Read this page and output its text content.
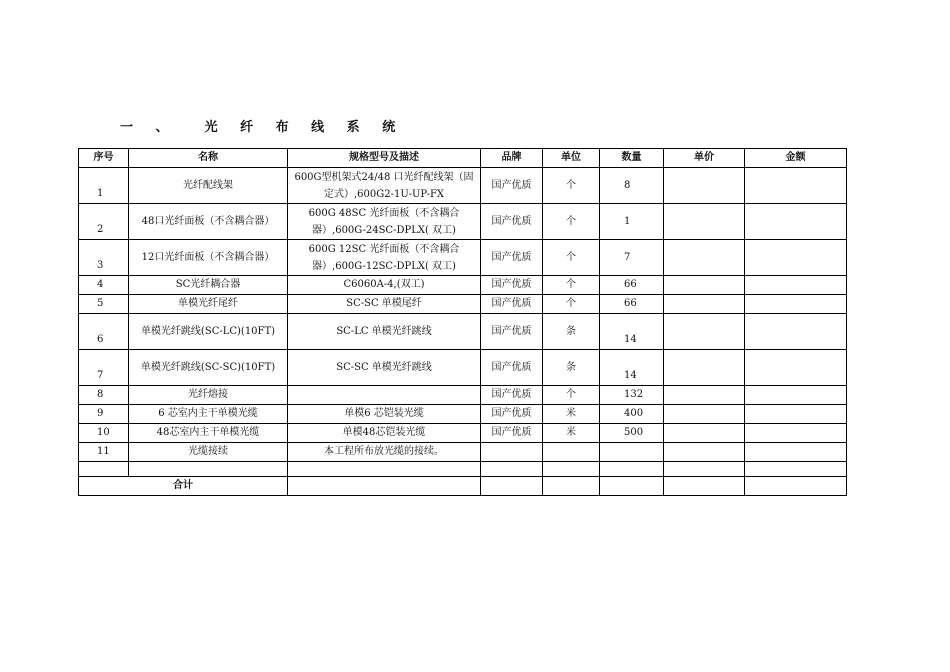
一 、  光 纤 布 线 系 统
序号	名称	规格型号及描述	品牌	单位	数量	单价	金额
1	光纤配线架	600G型机架式24/48 口光纤配线架（固定式）,600G2-1U-UP-FX	国产优质	个	8		
2	48口光纤面板（不含耦合器）	600G 48SC 光纤面板（不含耦合器）,600G-24SC-DPLX( 双工)	国产优质	个	1		
3	12口光纤面板（不含耦合器）	600G 12SC 光纤面板（不含耦合器）,600G-12SC-DPLX( 双工)	国产优质	个	7		
4	SC光纤耦合器	C6060A-4,(双工)	国产优质	个	66		
5	单模光纤尾纤	SC-SC 单模尾纤	国产优质	个	66		
6	单模光纤跳线(SC-LC)(10FT)	SC-LC 单模光纤跳线	国产优质	条	14		
7	单模光纤跳线(SC-SC)(10FT)	SC-SC 单模光纤跳线	国产优质	条	14		
8	光纤熔接		国产优质	个	132		
9	6 芯室内主干单模光缆	单模6 芯铠装光缆	国产优质	米	400		
10	48芯室内主干单模光缆	单模48芯铠装光缆	国产优质	米	500		
11	光缆接续	本工程所布放光缆的接续。					

合计							
